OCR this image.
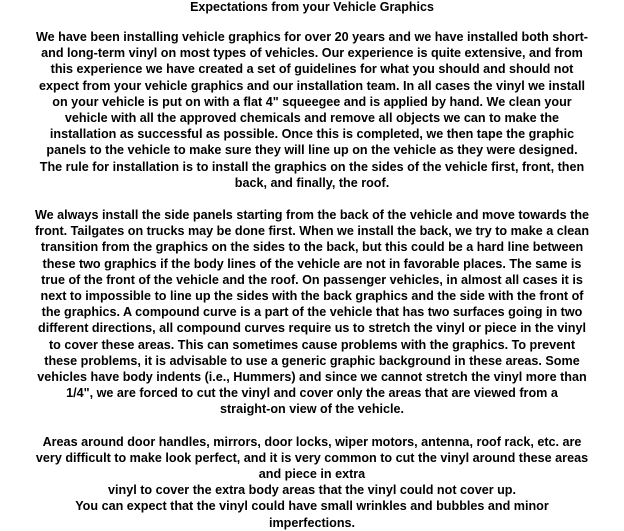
Expectations from your Vehicle Graphics

We have been installing vehicle graphics for over 20 years and we have installed both short-
and long-term vinyl on most types of vehicles. Our experience is quite extensive, and from
this experience we have created a set of guidelines for what you should and should not
expect from your vehicle graphics and our installation team. In all cases the vinyl we install
on your vehicle is put on with a flat 4" squeegee and is applied by hand. We clean your
vehicle with all the approved chemicals and remove all objects we can to make the
installation as successful as possible. Once this is completed, we then tape the graphic
panels to the vehicle to make sure they will line up on the vehicle as they were designed.
The rule for installation is to install the graphics on the sides of the vehicle first, front, then
back, and finally, the roof.

We always install the side panels starting from the back of the vehicle and move towards the
front. Tailgates on trucks may be done first. When we install the back, we try to make a clean
transition from the graphics on the sides to the back, but this could be a hard line between
these two graphics if the body lines of the vehicle are not in favorable places. The same is
true of the front of the vehicle and the roof. On passenger vehicles, in almost all cases it is
next to impossible to line up the sides with the back graphics and the side with the front of
the graphics. A compound curve is a part of the vehicle that has two surfaces going in two
different directions, all compound curves require us to stretch the vinyl or piece in the vinyl
to cover these areas. This can sometimes cause problems with the graphics. To prevent
these problems, it is advisable to use a generic graphic background in these areas. Some
vehicles have body indents (i.e., Hummers) and since we cannot stretch the vinyl more than
1/4", we are forced to cut the vinyl and cover only the areas that are viewed from a
straight-on view of the vehicle.

Areas around door handles, mirrors, door locks, wiper motors, antenna, roof rack, etc. are
very difficult to make look perfect, and it is very common to cut the vinyl around these areas
and piece in extra
vinyl to cover the extra body areas that the vinyl could not cover up.
You can expect that the vinyl could have small wrinkles and bubbles and minor
imperfections.
